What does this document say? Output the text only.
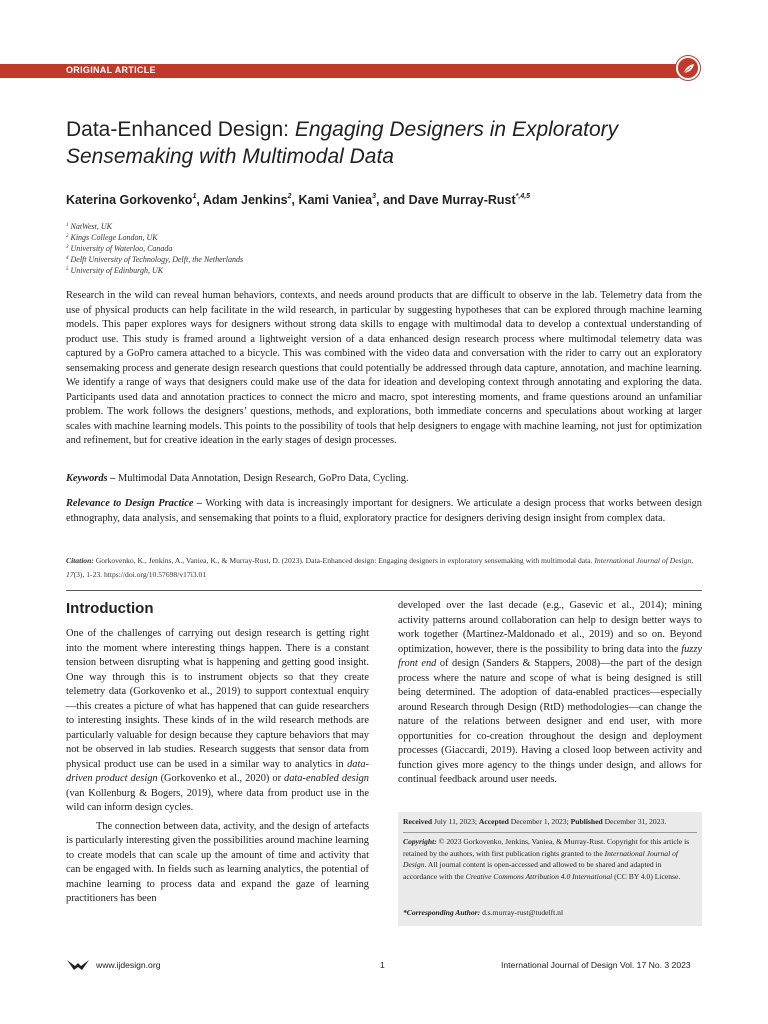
ORIGINAL ARTICLE
Data-Enhanced Design: Engaging Designers in Exploratory Sensemaking with Multimodal Data
Katerina Gorkovenko$^1$, Adam Jenkins$^2$, Kami Vaniea$^3$, and Dave Murray-Rust$^{*,4,5}$
$^1$ NatWest, UK
$^2$ Kings College London, UK
$^3$ University of Waterloo, Canada
$^4$ Delft University of Technology, Delft, the Netherlands
$^5$ University of Edinburgh, UK
Research in the wild can reveal human behaviors, contexts, and needs around products that are difficult to observe in the lab. Telemetry data from the use of physical products can help facilitate in the wild research, in particular by suggesting hypotheses that can be explored through machine learning models. This paper explores ways for designers without strong data skills to engage with multimodal data to develop a contextual understanding of product use. This study is framed around a lightweight version of a data enhanced design research process where multimodal telemetry data was captured by a GoPro camera attached to a bicycle. This was combined with the video data and conversation with the rider to carry out an exploratory sensemaking process and generate design research questions that could potentially be addressed through data capture, annotation, and machine learning. We identify a range of ways that designers could make use of the data for ideation and developing context through annotating and exploring the data. Participants used data and annotation practices to connect the micro and macro, spot interesting moments, and frame questions around an unfamiliar problem. The work follows the designers’ questions, methods, and explorations, both immediate concerns and speculations about working at larger scales with machine learning models. This points to the possibility of tools that help designers to engage with machine learning, not just for optimization and refinement, but for creative ideation in the early stages of design processes.
Keywords – Multimodal Data Annotation, Design Research, GoPro Data, Cycling.
Relevance to Design Practice – Working with data is increasingly important for designers. We articulate a design process that works between design ethnography, data analysis, and sensemaking that points to a fluid, exploratory practice for designers deriving design insight from complex data.
Citation: Gorkovenko, K., Jenkins, A., Vaniea, K., & Murray-Rust, D. (2023). Data-Enhanced design: Engaging designers in exploratory sensemaking with multimodal data. International Journal of Design, 17(3), 1-23. https://doi.org/10.57698/v17i3.01
Introduction

One of the challenges of carrying out design research is getting right into the moment where interesting things happen. There is a constant tension between disrupting what is happening and getting good insight. One way through this is to instrument objects so that they create telemetry data (Gorkovenko et al., 2019) to support contextual enquiry—this creates a picture of what has happened that can guide researchers to interesting insights. These kinds of in the wild research methods are particularly valuable for design because they capture behaviors that may not be observed in lab studies. Research suggests that sensor data from physical product use can be used in a similar way to analytics in data-driven product design (Gorkovenko et al., 2020) or data-enabled design (van Kollenburg & Bogers, 2019), where data from product use in the wild can inform design cycles.

The connection between data, activity, and the design of artefacts is particularly interesting given the possibilities around machine learning to create models that can scale up the amount of time and activity that can be engaged with. In fields such as learning analytics, the potential of machine learning to process data and expand the gaze of learning practitioners has been

developed over the last decade (e.g., Gasevic et al., 2014); mining activity patterns around collaboration can help to design better ways to work together (Martinez-Maldonado et al., 2019) and so on. Beyond optimization, however, there is the possibility to bring data into the fuzzy front end of design (Sanders & Stappers, 2008)—the part of the design process where the nature and scope of what is being designed is still being determined. The adoption of data-enabled practices—especially around Research through Design (RtD) methodologies—can change the nature of the relations between designer and end user, with more opportunities for co-creation throughout the design and deployment processes (Giaccardi, 2019). Having a closed loop between activity and function gives more agency to the things under design, and allows for continual feedback around user needs.
Received July 11, 2023; Accepted December 1, 2023; Published December 31, 2023.
Copyright: © 2023 Gorkovenko, Jenkins, Vaniea, & Murray-Rust. Copyright for this article is retained by the authors, with first publication rights granted to the International Journal of Design. All journal content is open-accessed and allowed to be shared and adapted in accordance with the Creative Commons Attribution 4.0 International (CC BY 4.0) License.
*Corresponding Author: d.s.murray-rust@tudelft.nl
www.ijdesign.org	1	International Journal of Design Vol. 17 No. 3 2023
